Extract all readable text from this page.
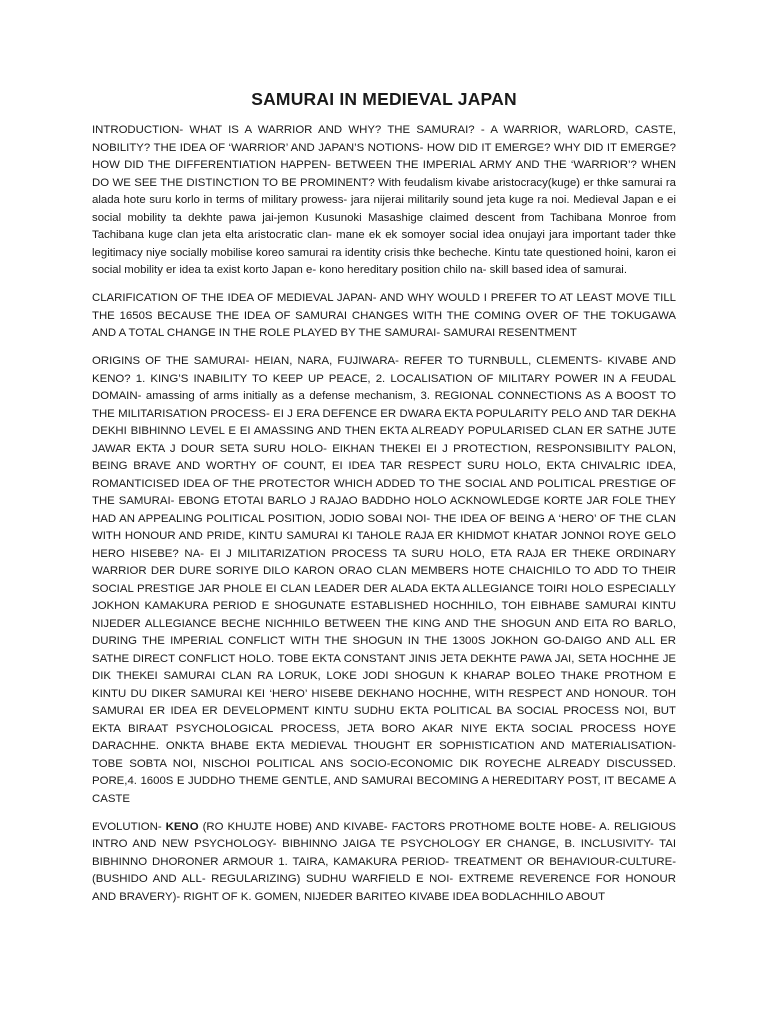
SAMURAI IN MEDIEVAL JAPAN

INTRODUCTION- WHAT IS A WARRIOR AND WHY? THE SAMURAI? - A WARRIOR, WARLORD, CASTE, NOBILITY? THE IDEA OF ‘WARRIOR’ AND JAPAN’S NOTIONS- HOW DID IT EMERGE? WHY DID IT EMERGE? HOW DID THE DIFFERENTIATION HAPPEN- BETWEEN THE IMPERIAL ARMY AND THE ‘WARRIOR’? WHEN DO WE SEE THE DISTINCTION TO BE PROMINENT? With feudalism kivabe aristocracy(kuge) er thke samurai ra alada hote suru korlo in terms of military prowess- jara nijerai militarily sound jeta kuge ra noi. Medieval Japan e ei social mobility ta dekhte pawa jai-jemon Kusunoki Masashige claimed descent from Tachibana Monroe from Tachibana kuge clan jeta elta aristocratic clan- mane ek ek somoyer social idea onujayi jara important tader thke legitimacy niye socially mobilise koreo samurai ra identity crisis thke becheche. Kintu tate questioned hoini, karon ei social mobility er idea ta exist korto Japan e- kono hereditary position chilo na- skill based idea of samurai.

CLARIFICATION OF THE IDEA OF MEDIEVAL JAPAN- AND WHY WOULD I PREFER TO AT LEAST MOVE TILL THE 1650S BECAUSE THE IDEA OF SAMURAI CHANGES WITH THE COMING OVER OF THE TOKUGAWA AND A TOTAL CHANGE IN THE ROLE PLAYED BY THE SAMURAI- SAMURAI RESENTMENT

ORIGINS OF THE SAMURAI- HEIAN, NARA, FUJIWARA- REFER TO TURNBULL, CLEMENTS- KIVABE AND KENO? 1. KING’S INABILITY TO KEEP UP PEACE, 2. LOCALISATION OF MILITARY POWER IN A FEUDAL DOMAIN- amassing of arms initially as a defense mechanism, 3. REGIONAL CONNECTIONS AS A BOOST TO THE MILITARISATION PROCESS- EI J ERA DEFENCE ER DWARA EKTA POPULARITY PELO AND TAR DEKHA DEKHI BIBHINNO LEVEL E EI AMASSING AND THEN EKTA ALREADY POPULARISED CLAN ER SATHE JUTE JAWAR EKTA J DOUR SETA SURU HOLO- EIKHAN THEKEI EI J PROTECTION, RESPONSIBILITY PALON, BEING BRAVE AND WORTHY OF COUNT, EI IDEA TAR RESPECT SURU HOLO, EKTA CHIVALRIC IDEA, ROMANTICISED IDEA OF THE PROTECTOR WHICH ADDED TO THE SOCIAL AND POLITICAL PRESTIGE OF THE SAMURAI- EBONG ETOTAI BARLO J RAJAO BADDHO HOLO ACKNOWLEDGE KORTE JAR FOLE THEY HAD AN APPEALING POLITICAL POSITION, JODIO SOBAI NOI- THE IDEA OF BEING A ‘HERO’ OF THE CLAN WITH HONOUR AND PRIDE, KINTU SAMURAI KI TAHOLE RAJA ER KHIDMOT KHATAR JONNOI ROYE GELO HERO HISEBE? NA- EI J MILITARIZATION PROCESS TA SURU HOLO, ETA RAJA ER THEKE ORDINARY WARRIOR DER DURE SORIYE DILO KARON ORAO CLAN MEMBERS HOTE CHAICHILO TO ADD TO THEIR SOCIAL PRESTIGE JAR PHOLE EI CLAN LEADER DER ALADA EKTA ALLEGIANCE TOIRI HOLO ESPECIALLY JOKHON KAMAKURA PERIOD E SHOGUNATE ESTABLISHED HOCHHILO, TOH EIBHABE SAMURAI KINTU NIJEDER ALLEGIANCE BECHE NICHHILO BETWEEN THE KING AND THE SHOGUN AND EITA RO BARLO, DURING THE IMPERIAL CONFLICT WITH THE SHOGUN IN THE 1300S JOKHON GO-DAIGO AND ALL ER SATHE DIRECT CONFLICT HOLO. TOBE EKTA CONSTANT JINIS JETA DEKHTE PAWA JAI, SETA HOCHHE JE DIK THEKEI SAMURAI CLAN RA LORUK, LOKE JODI SHOGUN K KHARAP BOLEO THAKE PROTHOM E KINTU DU DIKER SAMURAI KEI ‘HERO’ HISEBE DEKHANO HOCHHE, WITH RESPECT AND HONOUR. TOH SAMURAI ER IDEA ER DEVELOPMENT KINTU SUDHU EKTA POLITICAL BA SOCIAL PROCESS NOI, BUT EKTA BIRAAT PSYCHOLOGICAL PROCESS, JETA BORO AKAR NIYE EKTA SOCIAL PROCESS HOYE DARACHHE. ONKTA BHABE EKTA MEDIEVAL THOUGHT ER SOPHISTICATION AND MATERIALISATION- TOBE SOBTA NOI, NISCHOI POLITICAL ANS SOCIO-ECONOMIC DIK ROYECHE ALREADY DISCUSSED. PORE,4. 1600S E JUDDHO THEME GENTLE, AND SAMURAI BECOMING A HEREDITARY POST, IT BECAME A CASTE

EVOLUTION- KENO (RO KHUJTE HOBE) AND KIVABE- FACTORS PROTHOME BOLTE HOBE- A. RELIGIOUS INTRO AND NEW PSYCHOLOGY- BIBHINNO JAIGA TE PSYCHOLOGY ER CHANGE, B. INCLUSIVITY- TAI BIBHINNO DHORONER ARMOUR 1. TAIRA, KAMAKURA PERIOD- TREATMENT OR BEHAVIOUR-CULTURE-(BUSHIDO AND ALL- REGULARIZING) SUDHU WARFIELD E NOI- EXTREME REVERENCE FOR HONOUR AND BRAVERY)- RIGHT OF K. GOMEN, NIJEDER BARITEO KIVABE IDEA BODLACHHILO ABOUT
